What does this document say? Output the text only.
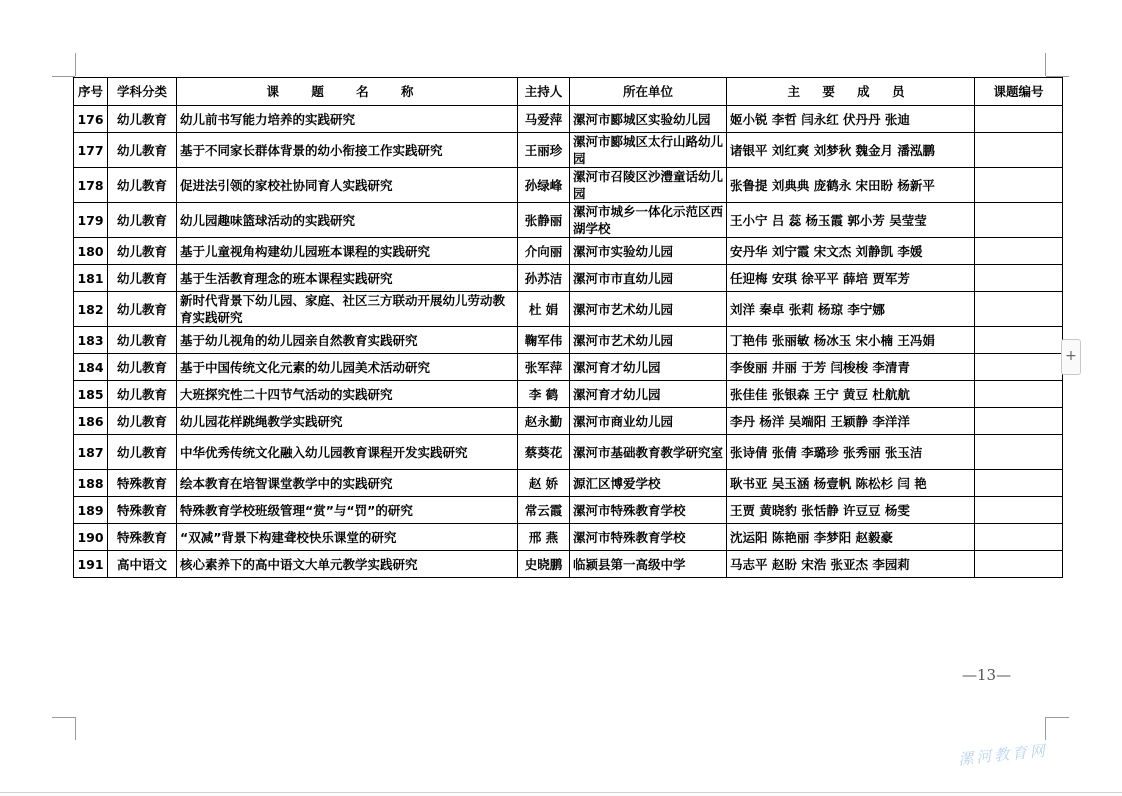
序号	学科分类	课 题 名 称	主持人	所在单位	主 要 成 员	课题编号
176	幼儿教育	幼儿前书写能力培养的实践研究	马爱萍	漯河市郾城区实验幼儿园	姬小锐 李哲 闫永红 伏丹丹 张迪	
177	幼儿教育	基于不同家长群体背景的幼小衔接工作实践研究	王丽珍	漯河市郾城区太行山路幼儿园	诸银平 刘红爽 刘梦秋 魏金月 潘泓鹏	
178	幼儿教育	促进法引领的家校社协同育人实践研究	孙绿峰	漯河市召陵区沙澧童话幼儿园	张鲁提 刘典典 庞鹤永 宋田盼 杨新平	
179	幼儿教育	幼儿园趣味篮球活动的实践研究	张静丽	漯河市城乡一体化示范区西湖学校	王小宁 吕 蕊 杨玉霞 郭小芳 吴莹莹	
180	幼儿教育	基于儿童视角构建幼儿园班本课程的实践研究	介向丽	漯河市实验幼儿园	安丹华 刘宁霞 宋文杰 刘静凯 李媛	
181	幼儿教育	基于生活教育理念的班本课程实践研究	孙苏洁	漯河市市直幼儿园	任迎梅 安琪 徐平平 薛培 贾军芳	
182	幼儿教育	新时代背景下幼儿园、家庭、社区三方联动开展幼儿劳动教育实践研究	杜 娟	漯河市艺术幼儿园	刘洋 秦卓 张莉 杨琼 李宁娜	
183	幼儿教育	基于幼儿视角的幼儿园亲自然教育实践研究	鞠军伟	漯河市艺术幼儿园	丁艳伟 张丽敏 杨冰玉 宋小楠 王冯娟	
184	幼儿教育	基于中国传统文化元素的幼儿园美术活动研究	张军萍	漯河育才幼儿园	李俊丽 井丽 于芳 闫梭梭 李清青	
185	幼儿教育	大班探究性二十四节气活动的实践研究	李 鹤	漯河育才幼儿园	张佳佳 张银森 王宁 黄豆 杜航航	
186	幼儿教育	幼儿园花样跳绳教学实践研究	赵永勤	漯河市商业幼儿园	李丹 杨洋 吴端阳 王颖静 李洋洋	
187	幼儿教育	中华优秀传统文化融入幼儿园教育课程开发实践研究	蔡葵花	漯河市基础教育教学研究室	张诗倩 张倩 李璐珍 张秀丽 张玉洁	
188	特殊教育	绘本教育在培智课堂教学中的实践研究	赵 娇	源汇区博爱学校	耿书亚 吴玉涵 杨壹帆 陈松杉 闫 艳	
189	特殊教育	特殊教育学校班级管理“赏”与“罚”的研究	常云霞	漯河市特殊教育学校	王贾 黄晓豹 张恬静 许豆豆 杨雯	
190	特殊教育	“双减”背景下构建聋校快乐课堂的研究	邢 燕	漯河市特殊教育学校	沈运阳 陈艳丽 李梦阳 赵毅豪	
191	高中语文	核心素养下的高中语文大单元教学实践研究	史晓鹏	临颍县第一高级中学	马志平 赵盼 宋浩 张亚杰 李园莉	
—13—
+
漯河教育网
